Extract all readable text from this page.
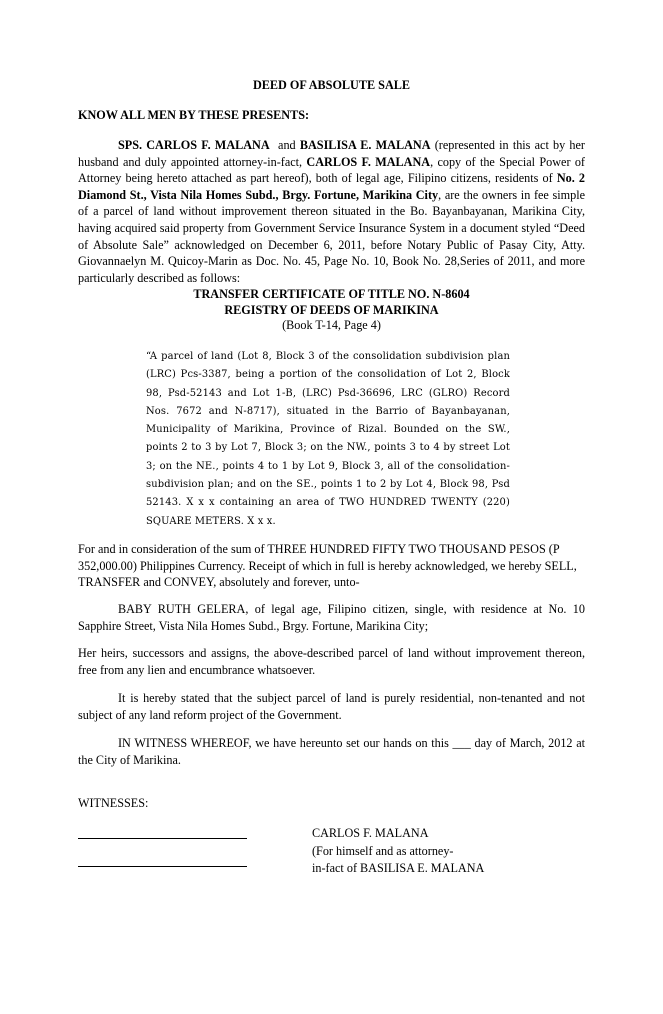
DEED OF ABSOLUTE SALE

KNOW ALL MEN BY THESE PRESENTS:

SPS. CARLOS F. MALANA  and BASILISA E. MALANA (represented in this act by her husband and duly appointed attorney-in-fact, CARLOS F. MALANA, copy of the Special Power of Attorney being hereto attached as part hereof), both of legal age, Filipino citizens, residents of No. 2 Diamond St., Vista Nila Homes Subd., Brgy. Fortune, Marikina City, are the owners in fee simple of a parcel of land without improvement thereon situated in the Bo. Bayanbayanan, Marikina City, having acquired said property from Government Service Insurance System in a document styled “Deed of Absolute Sale” acknowledged on December 6, 2011, before Notary Public of Pasay City, Atty. Giovannaelyn M. Quicoy-Marin as Doc. No. 45, Page No. 10, Book No. 28,Series of 2011, and more particularly described as follows:

TRANSFER CERTIFICATE OF TITLE NO. N-8604
REGISTRY OF DEEDS OF MARIKINA
(Book T-14, Page 4)

“A parcel of land (Lot 8, Block 3 of the consolidation subdivision plan (LRC) Pcs-3387, being a portion of the consolidation of Lot 2, Block 98, Psd-52143 and Lot 1-B, (LRC) Psd-36696, LRC (GLRO) Record Nos. 7672 and N-8717), situated in the Barrio of Bayanbayanan, Municipality of Marikina, Province of Rizal. Bounded on the SW., points 2 to 3 by Lot 7, Block 3; on the NW., points 3 to 4 by street Lot 3; on the NE., points 4 to 1 by Lot 9, Block 3, all of the consolidation-subdivision plan; and on the SE., points 1 to 2 by Lot 4, Block 98, Psd 52143. X x x containing an area of TWO HUNDRED TWENTY (220) SQUARE METERS. X x x.

For and in consideration of the sum of THREE HUNDRED FIFTY TWO THOUSAND PESOS (P 352,000.00) Philippines Currency. Receipt of which in full is hereby acknowledged, we hereby SELL, TRANSFER and CONVEY, absolutely and forever, unto-

BABY RUTH GELERA, of legal age, Filipino citizen, single, with residence at No. 10 Sapphire Street, Vista Nila Homes Subd., Brgy. Fortune, Marikina City;

Her heirs, successors and assigns, the above-described parcel of land without improvement thereon, free from any lien and encumbrance whatsoever.

It is hereby stated that the subject parcel of land is purely residential, non-tenanted and not subject of any land reform project of the Government.

IN WITNESS WHEREOF, we have hereunto set our hands on this ___ day of March, 2012 at the City of Marikina.

WITNESSES:

CARLOS F. MALANA
(For himself and as attorney-
in-fact of BASILISA E. MALANA
